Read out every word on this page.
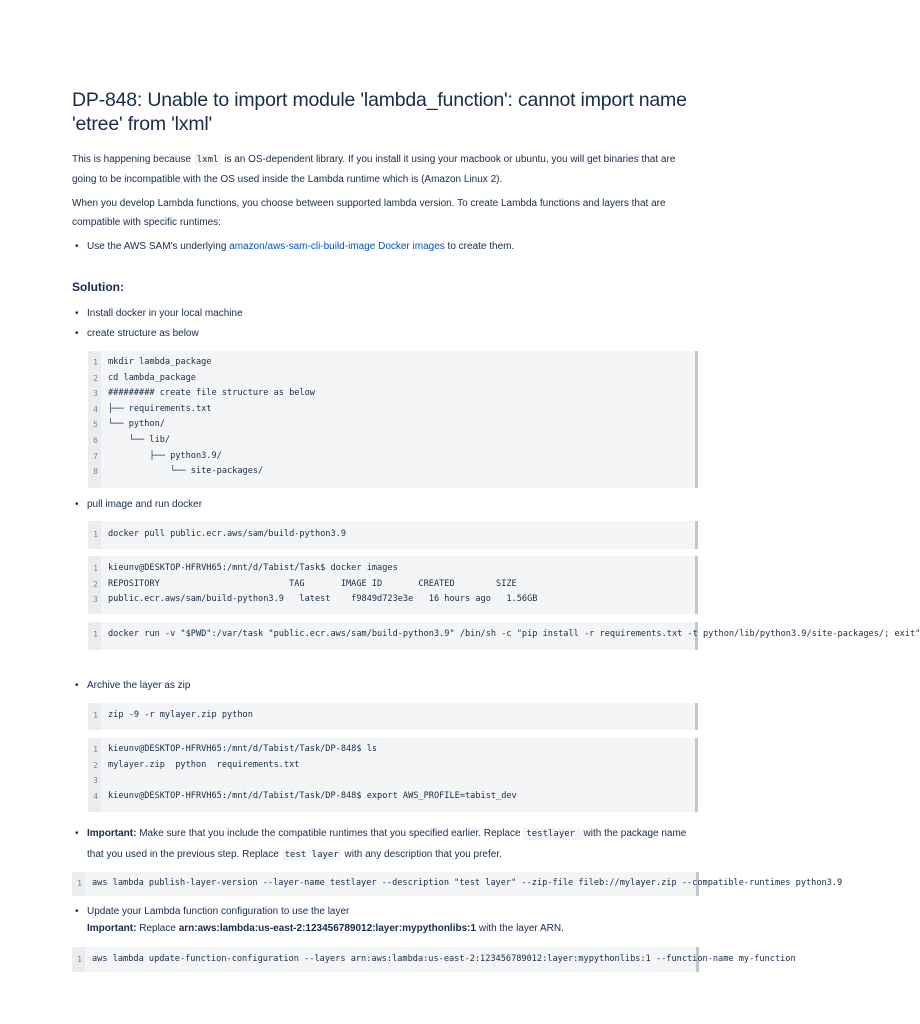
DP-848: Unable to import module 'lambda_function': cannot import name 'etree' from 'lxml'

This is happening because lxml is an OS-dependent library. If you install it using your macbook or ubuntu, you will get binaries that are going to be incompatible with the OS used inside the Lambda runtime which is (Amazon Linux 2).

When you develop Lambda functions, you choose between supported lambda version. To create Lambda functions and layers that are compatible with specific runtimes:

• Use the AWS SAM's underlying amazon/aws-sam-cli-build-image Docker images to create them.
Solution:
• Install docker in your local machine
• create structure as below
1 mkdir lambda_package
2 cd lambda_package
3 ######### create file structure as below
4 ├── requirements.txt
5 └── python/
6 └── lib/
7 ├── python3.9/
8 └── site-packages/
• pull image and run docker
1 docker pull public.ecr.aws/sam/build-python3.9
1 kieunv@DESKTOP-HFRVH65:/mnt/d/Tabist/Task$ docker images
2 REPOSITORY                         TAG       IMAGE ID       CREATED        SIZE
3 public.ecr.aws/sam/build-python3.9   latest    f9849d723e3e   16 hours ago   1.56GB
1 docker run -v "$PWD":/var/task "public.ecr.aws/sam/build-python3.9" /bin/sh -c "pip install -r requirements.txt -t python/lib/python3.9/site-packages/; exit"
• Archive the layer as zip
1 zip -9 -r mylayer.zip python
1 kieunv@DESKTOP-HFRVH65:/mnt/d/Tabist/Task/DP-848$ ls
2 mylayer.zip  python  requirements.txt
3
4 kieunv@DESKTOP-HFRVH65:/mnt/d/Tabist/Task/DP-848$ export AWS_PROFILE=tabist_dev
• Important: Make sure that you include the compatible runtimes that you specified earlier. Replace testlayer with the package name that you used in the previous step. Replace test layer with any description that you prefer.
1 aws lambda publish-layer-version --layer-name testlayer --description "test layer" --zip-file fileb://mylayer.zip --compatible-runtimes python3.9
• Update your Lambda function configuration to use the layer
Important: Replace arn:aws:lambda:us-east-2:123456789012:layer:mypythonlibs:1 with the layer ARN.
1 aws lambda update-function-configuration --layers arn:aws:lambda:us-east-2:123456789012:layer:mypythonlibs:1 --function-name my-function
